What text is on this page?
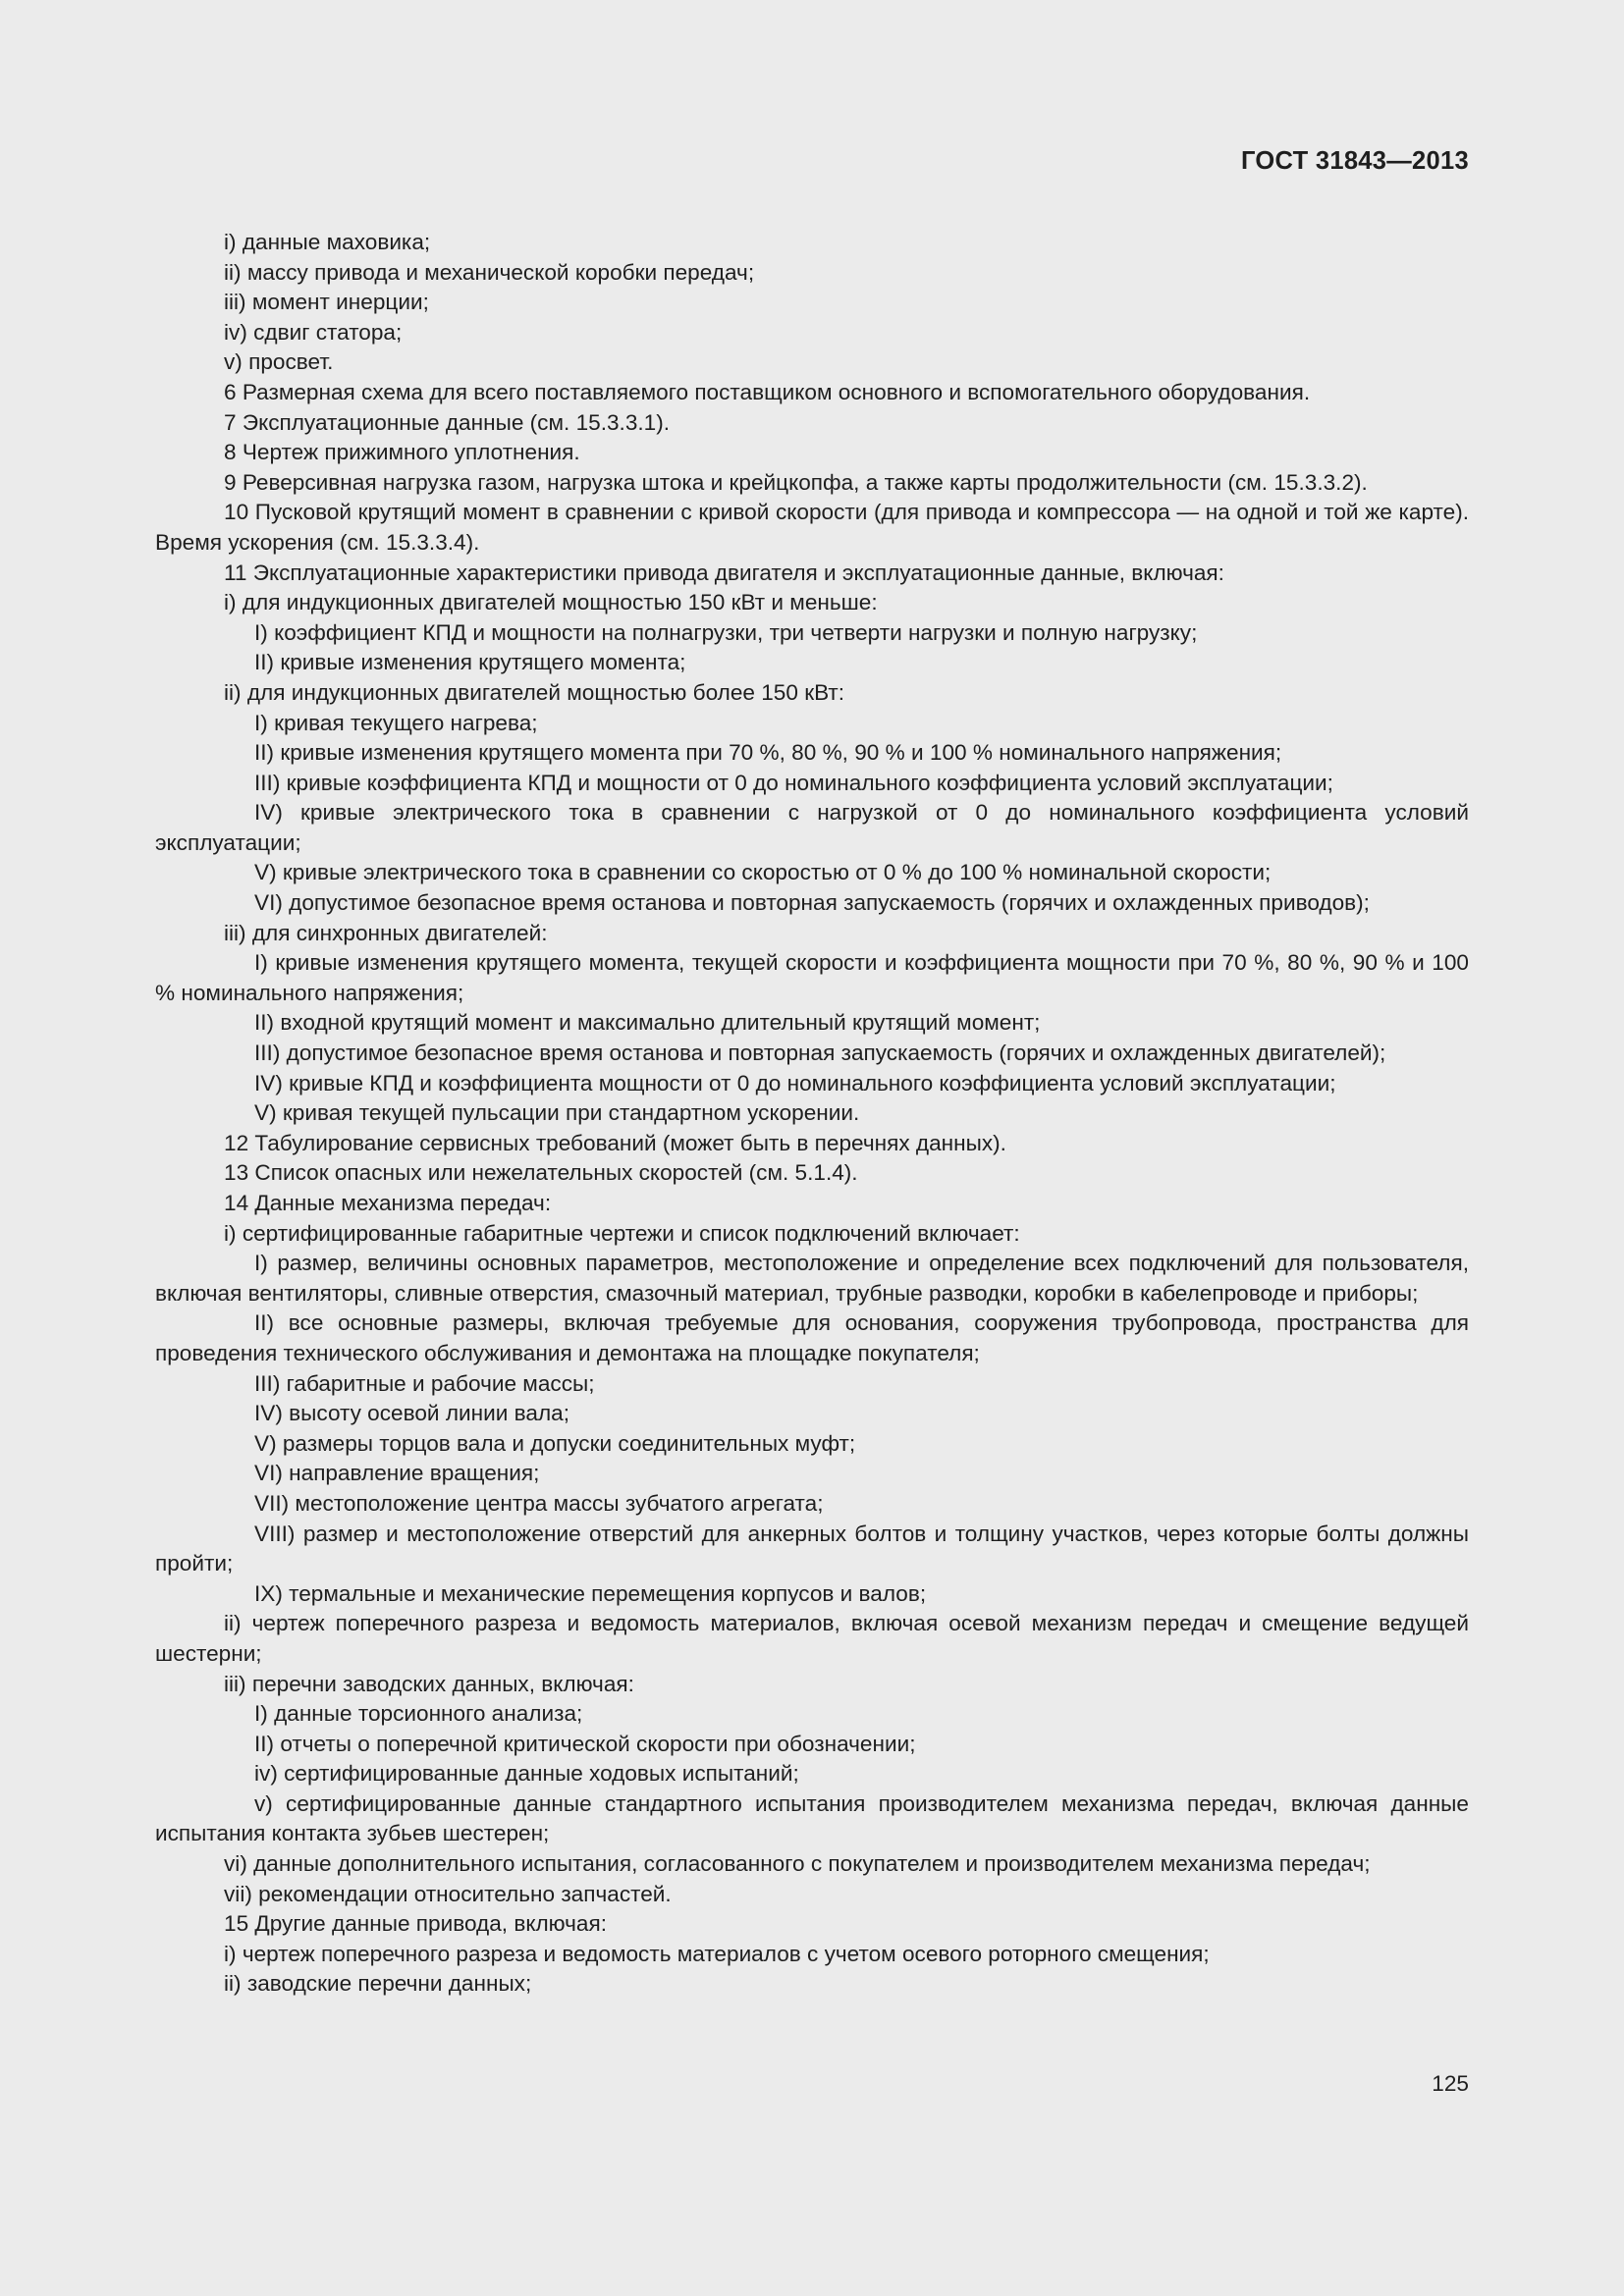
ГОСТ 31843—2013
i) данные маховика;
ii) массу привода и механической коробки передач;
iii) момент инерции;
iv) сдвиг статора;
v) просвет.
6 Размерная схема для всего поставляемого поставщиком основного и вспомогательного оборудования.
7 Эксплуатационные данные (см. 15.3.3.1).
8 Чертеж прижимного уплотнения.
9 Реверсивная нагрузка газом, нагрузка штока и крейцкопфа, а также карты продолжительности (см. 15.3.3.2).
10 Пусковой крутящий момент в сравнении с кривой скорости (для привода и компрессора — на одной и той же карте). Время ускорения (см. 15.3.3.4).
11 Эксплуатационные характеристики привода двигателя и эксплуатационные данные, включая:
i) для индукционных двигателей мощностью 150 кВт и меньше:
I) коэффициент КПД и мощности на полнагрузки, три четверти нагрузки и полную нагрузку;
II) кривые изменения крутящего момента;
ii) для индукционных двигателей мощностью более 150 кВт:
I) кривая текущего нагрева;
II) кривые изменения крутящего момента при 70 %, 80 %, 90 % и 100 % номинального напряжения;
III) кривые коэффициента КПД и мощности от 0 до номинального коэффициента условий эксплуатации;
IV) кривые электрического тока в сравнении с нагрузкой от 0 до номинального коэффициента условий эксплуатации;
V) кривые электрического тока в сравнении со скоростью от 0 % до 100 % номинальной скорости;
VI) допустимое безопасное время останова и повторная запускаемость (горячих и охлажденных приводов);
iii) для синхронных двигателей:
I) кривые изменения крутящего момента, текущей скорости и коэффициента мощности при 70 %, 80 %, 90 % и 100 % номинального напряжения;
II) входной крутящий момент и максимально длительный крутящий момент;
III) допустимое безопасное время останова и повторная запускаемость (горячих и охлажденных двигателей);
IV) кривые КПД и коэффициента мощности от 0 до номинального коэффициента условий эксплуатации;
V) кривая текущей пульсации при стандартном ускорении.
12 Табулирование сервисных требований (может быть в перечнях данных).
13 Список опасных или нежелательных скоростей (см. 5.1.4).
14 Данные механизма передач:
i) сертифицированные габаритные чертежи и список подключений включает:
I) размер, величины основных параметров, местоположение и определение всех подключений для пользователя, включая вентиляторы, сливные отверстия, смазочный материал, трубные разводки, коробки в кабелепроводе и приборы;
II) все основные размеры, включая требуемые для основания, сооружения трубопровода, пространства для проведения технического обслуживания и демонтажа на площадке покупателя;
III) габаритные и рабочие массы;
IV) высоту осевой линии вала;
V) размеры торцов вала и допуски соединительных муфт;
VI) направление вращения;
VII) местоположение центра массы зубчатого агрегата;
VIII) размер и местоположение отверстий для анкерных болтов и толщину участков, через которые болты должны пройти;
IX) термальные и механические перемещения корпусов и валов;
ii) чертеж поперечного разреза и ведомость материалов, включая осевой механизм передач и смещение ведущей шестерни;
iii) перечни заводских данных, включая:
I) данные торсионного анализа;
II) отчеты о поперечной критической скорости при обозначении;
iv) сертифицированные данные ходовых испытаний;
v) сертифицированные данные стандартного испытания производителем механизма передач, включая данные испытания контакта зубьев шестерен;
vi) данные дополнительного испытания, согласованного с покупателем и производителем механизма передач;
vii) рекомендации относительно запчастей.
15 Другие данные привода, включая:
i) чертеж поперечного разреза и ведомость материалов с учетом осевого роторного смещения;
ii) заводские перечни данных;
125
